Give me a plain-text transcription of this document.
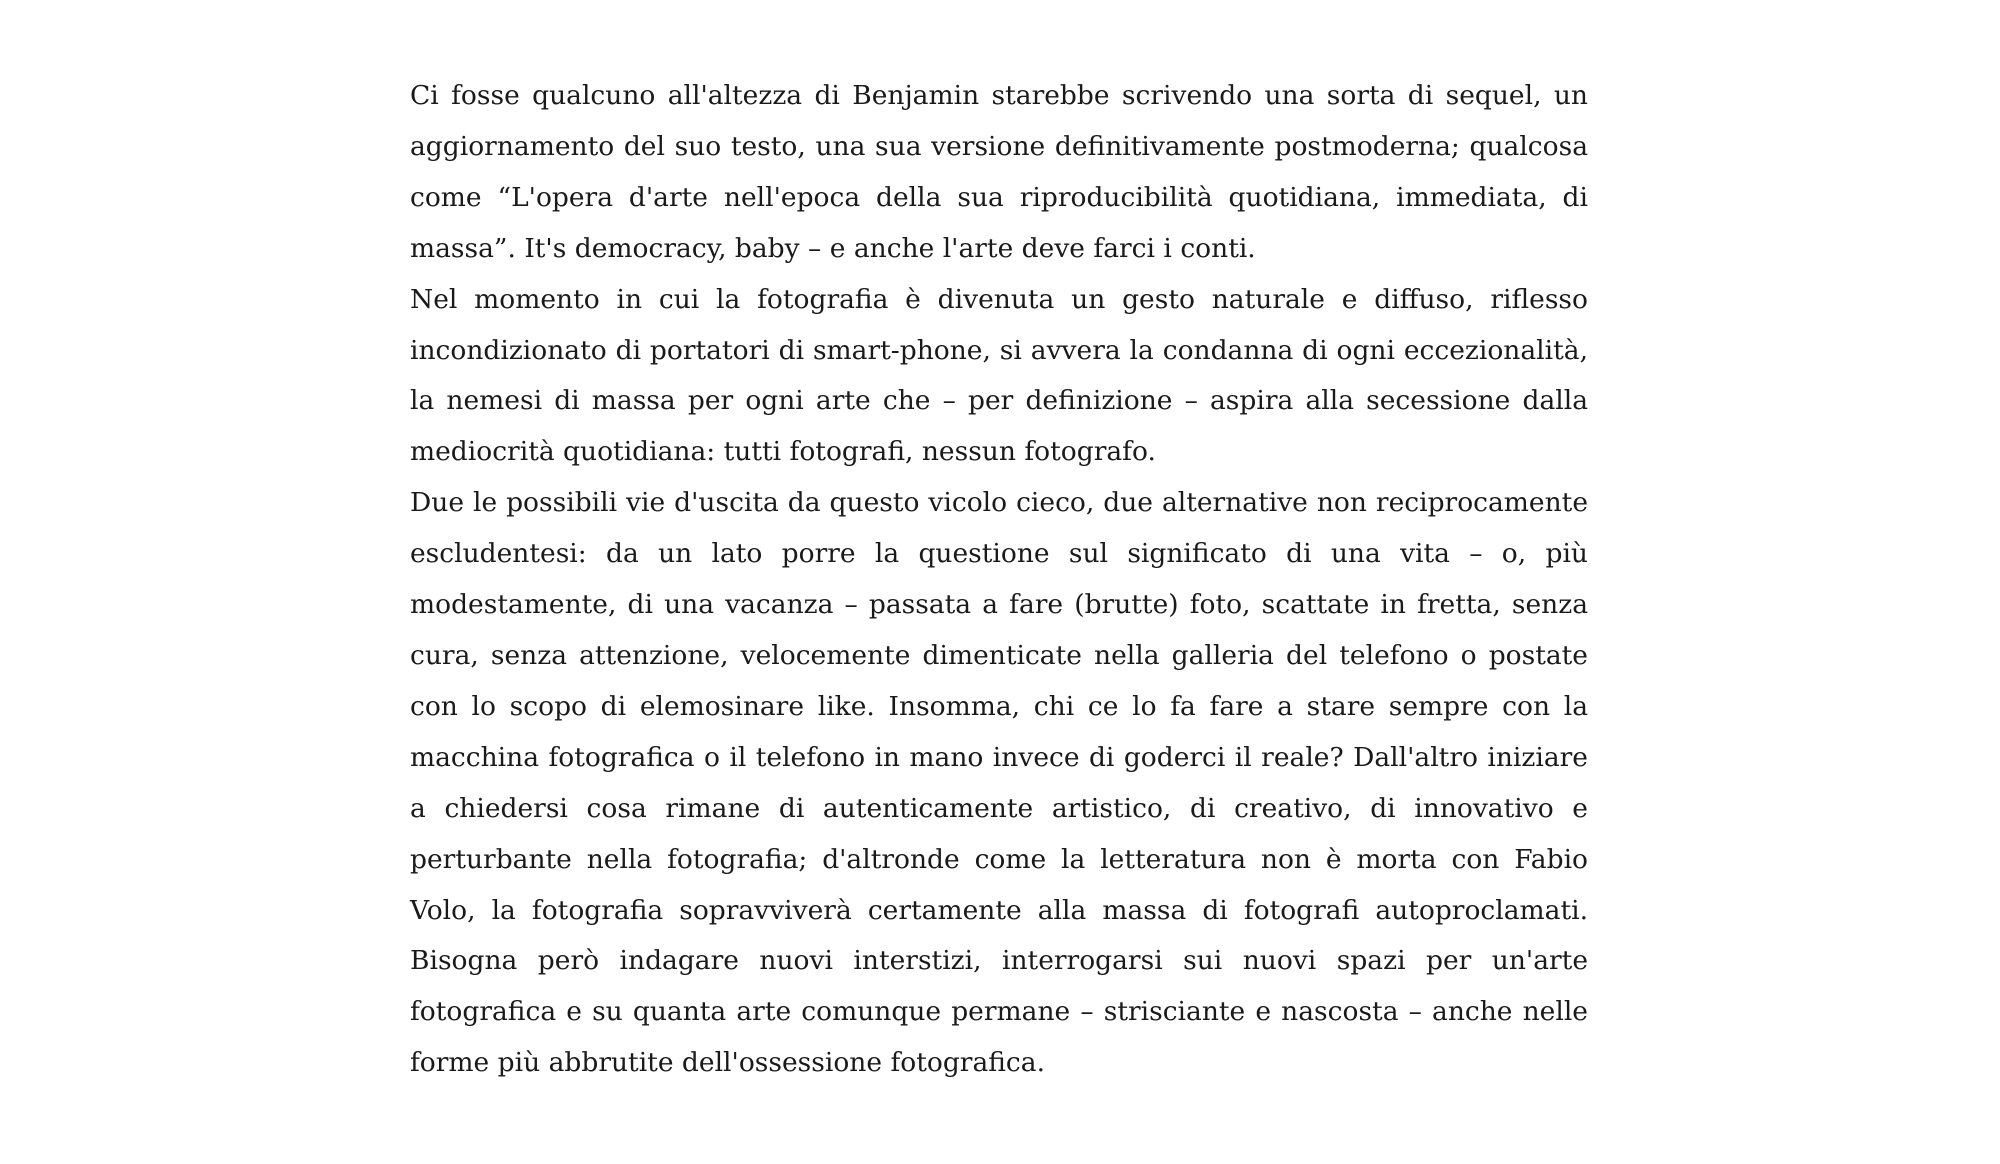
Ci fosse qualcuno all'altezza di Benjamin starebbe scrivendo una sorta di sequel, un aggiornamento del suo testo, una sua versione definitivamente postmoderna; qualcosa come “L'opera d'arte nell'epoca della sua riproducibilità quotidiana, immediata, di massa”. It's democracy, baby – e anche l'arte deve farci i conti.

Nel momento in cui la fotografia è divenuta un gesto naturale e diffuso, riflesso incondizionato di portatori di smart-phone, si avvera la condanna di ogni eccezionalità, la nemesi di massa per ogni arte che – per definizione – aspira alla secessione dalla mediocrità quotidiana: tutti fotografi, nessun fotografo.

Due le possibili vie d'uscita da questo vicolo cieco, due alternative non reciprocamente escludentesi: da un lato porre la questione sul significato di una vita – o, più modestamente, di una vacanza – passata a fare (brutte) foto, scattate in fretta, senza cura, senza attenzione, velocemente dimenticate nella galleria del telefono o postate con lo scopo di elemosinare like. Insomma, chi ce lo fa fare a stare sempre con la macchina fotografica o il telefono in mano invece di goderci il reale? Dall'altro iniziare a chiedersi cosa rimane di autenticamente artistico, di creativo, di innovativo e perturbante nella fotografia; d'altronde come la letteratura non è morta con Fabio Volo, la fotografia sopravviverà certamente alla massa di fotografi autoproclamati. Bisogna però indagare nuovi interstizi, interrogarsi sui nuovi spazi per un'arte fotografica e su quanta arte comunque permane – strisciante e nascosta – anche nelle forme più abbrutite dell'ossessione fotografica.
